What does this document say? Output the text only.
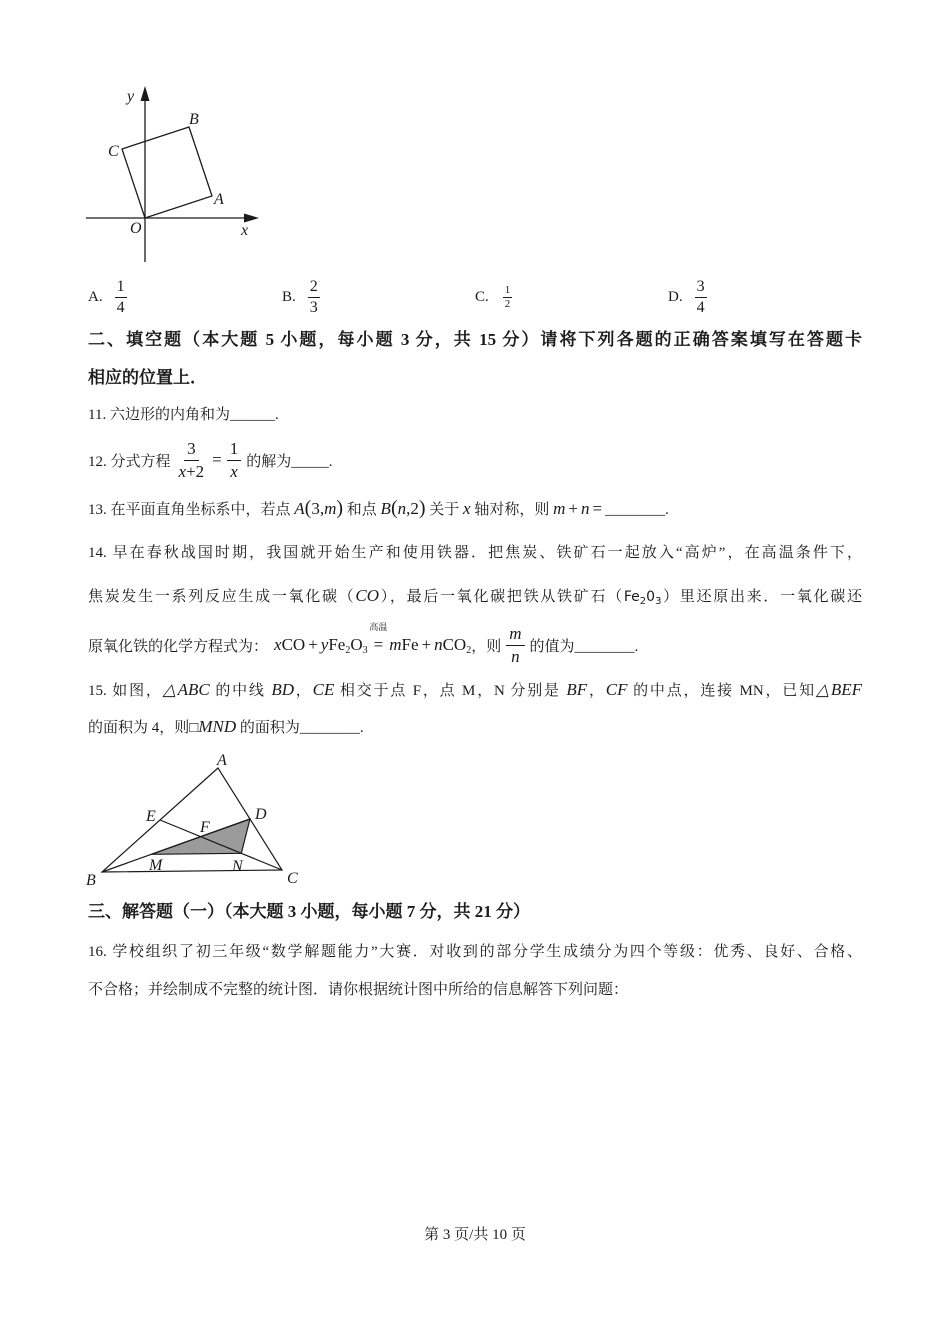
y
x
O
A
B
C
A. $\frac{1}{4}$	B. $\frac{2}{3}$	C. $\frac{1}{2}$	D. $\frac{3}{4}$
二、填空题（本大题 5 小题，每小题 3 分，共 15 分）请将下列各题的正确答案填写在答题卡
相应的位置上．
11. 六边形的内角和为______.
12. 分式方程 $\frac{3}{x+2} = \frac{1}{x}$ 的解为_____.
13. 在平面直角坐标系中，若点 A(3,m) 和点 B(n,2) 关于 x 轴对称，则 m + n = ________.
14. 早在春秋战国时期，我国就开始生产和使用铁器．把焦炭、铁矿石一起放入“高炉”，在高温条件下，
焦炭发生一系列反应生成一氧化碳（CO），最后一氧化碳把铁从铁矿石$(Fe_20_3)$里还原出来．一氧化碳还
原氧化铁的化学方程式为： xCO + $yFe_2O_3$
高温
= mFe + nCO$_2$ ，则 $\frac{m}{n}$ 的值为________.
15. 如图，△ABC 的中线 BD，CE 相交于点 F，点 M，N 分别是 BF，CF 的中点，连接 MN，已知△BEF
的面积为 4，则□MND 的面积为________.
A
E	D
F
M	N
B	C
三、解答题（一）（本大题 3 小题，每小题 7 分，共 21 分）
16. 学校组织了初三年级“数学解题能力”大赛．对收到的部分学生成绩分为四个等级：优秀、良好、合格、
不合格；并绘制成不完整的统计图．请你根据统计图中所给的信息解答下列问题：
第 3 页/共 10 页
